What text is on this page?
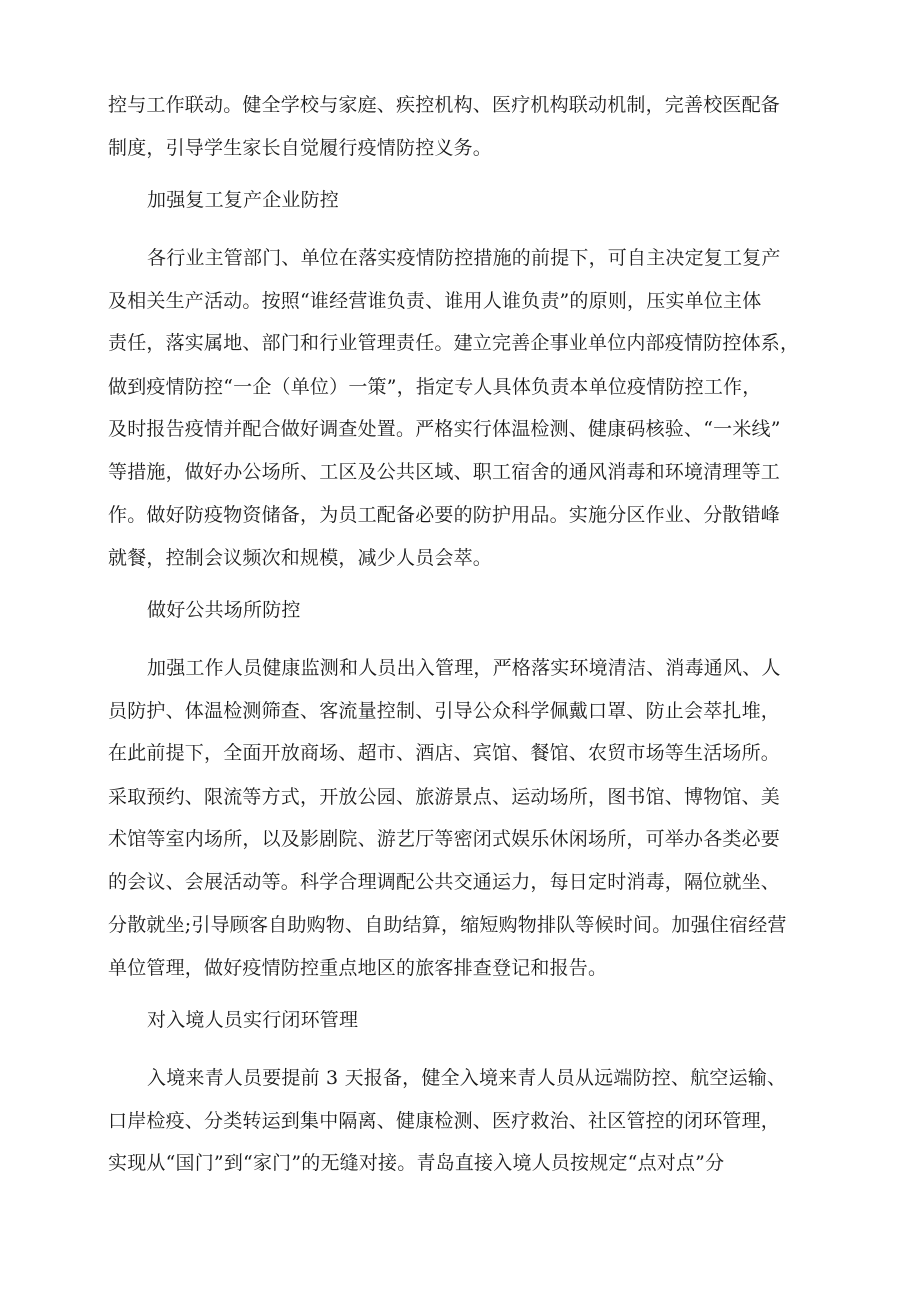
控与工作联动。健全学校与家庭、疾控机构、医疗机构联动机制，完善校医配备
制度，引导学生家长自觉履行疫情防控义务。
加强复工复产企业防控
各行业主管部门、单位在落实疫情防控措施的前提下，可自主决定复工复产
及相关生产活动。按照“谁经营谁负责、谁用人谁负责”的原则，压实单位主体
责任，落实属地、部门和行业管理责任。建立完善企事业单位内部疫情防控体系，
做到疫情防控“一企（单位）一策”，指定专人具体负责本单位疫情防控工作，
及时报告疫情并配合做好调查处置。严格实行体温检测、健康码核验、“一米线”
等措施，做好办公场所、工区及公共区域、职工宿舍的通风消毒和环境清理等工
作。做好防疫物资储备，为员工配备必要的防护用品。实施分区作业、分散错峰
就餐，控制会议频次和规模，减少人员会萃。
做好公共场所防控
加强工作人员健康监测和人员出入管理，严格落实环境清洁、消毒通风、人
员防护、体温检测筛查、客流量控制、引导公众科学佩戴口罩、防止会萃扎堆，
在此前提下，全面开放商场、超市、酒店、宾馆、餐馆、农贸市场等生活场所。
采取预约、限流等方式，开放公园、旅游景点、运动场所，图书馆、博物馆、美
术馆等室内场所，以及影剧院、游艺厅等密闭式娱乐休闲场所，可举办各类必要
的会议、会展活动等。科学合理调配公共交通运力，每日定时消毒，隔位就坐、
分散就坐;引导顾客自助购物、自助结算，缩短购物排队等候时间。加强住宿经营
单位管理，做好疫情防控重点地区的旅客排查登记和报告。
对入境人员实行闭环管理
入境来青人员要提前 3 天报备，健全入境来青人员从远端防控、航空运输、
口岸检疫、分类转运到集中隔离、健康检测、医疗救治、社区管控的闭环管理，
实现从“国门”到“家门”的无缝对接。青岛直接入境人员按规定“点对点”分
